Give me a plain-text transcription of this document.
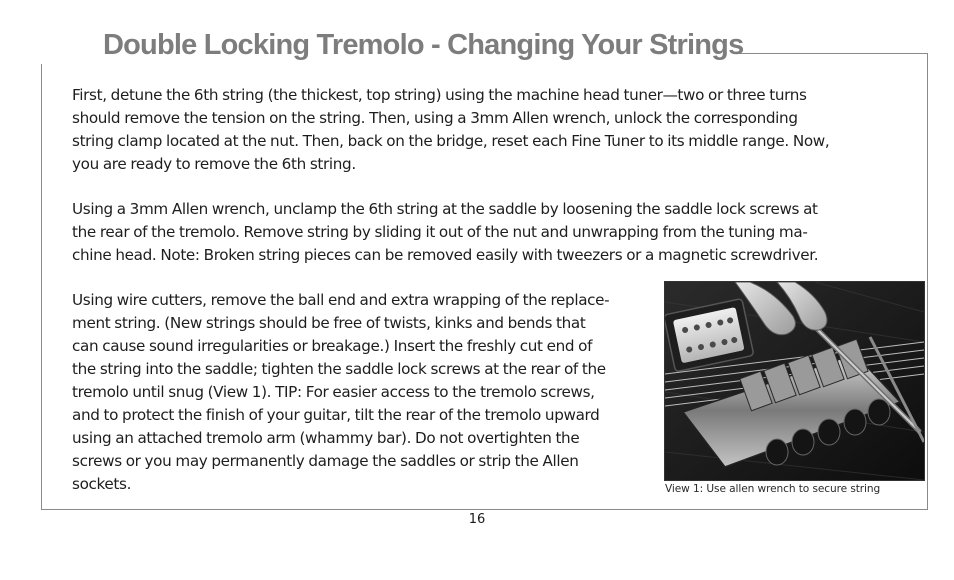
Double Locking Tremolo - Changing Your Strings

First, detune the 6th string (the thickest, top string) using the machine head tuner—two or three turns
should remove the tension on the string. Then, using a 3mm Allen wrench, unlock the corresponding
string clamp located at the nut. Then, back on the bridge, reset each Fine Tuner to its middle range. Now,
you are ready to remove the 6th string.

Using a 3mm Allen wrench, unclamp the 6th string at the saddle by loosening the saddle lock screws at
the rear of the tremolo. Remove string by sliding it out of the nut and unwrapping from the tuning ma-
chine head. Note: Broken string pieces can be removed easily with tweezers or a magnetic screwdriver.

Using wire cutters, remove the ball end and extra wrapping of the replace-
ment string. (New strings should be free of twists, kinks and bends that
can cause sound irregularities or breakage.) Insert the freshly cut end of
the string into the saddle; tighten the saddle lock screws at the rear of the
tremolo until snug (View 1). TIP: For easier access to the tremolo screws,
and to protect the finish of your guitar, tilt the rear of the tremolo upward
using an attached tremolo arm (whammy bar). Do not overtighten the
screws or you may permanently damage the saddles or strip the Allen
sockets.	View 1: Use allen wrench to secure string

16
